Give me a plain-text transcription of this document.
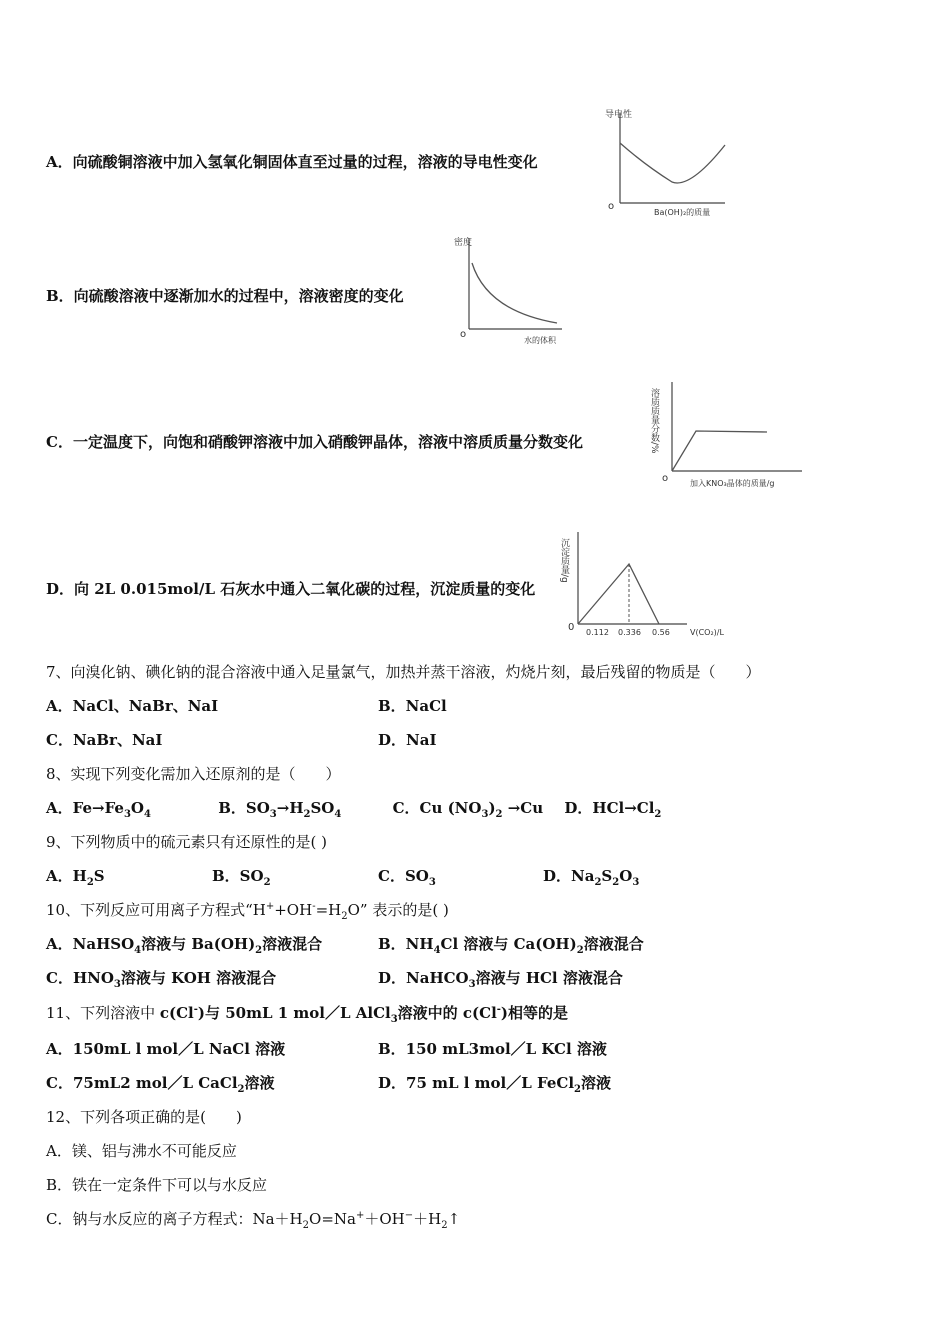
A．向硫酸铜溶液中加入氢氧化铜固体直至过量的过程，溶液的导电性变化
导电性
o
Ba(OH)₂的质量
B．向硫酸溶液中逐渐加水的过程中，溶液密度的变化
密度
o
水的体积
C．一定温度下，向饱和硝酸钾溶液中加入硝酸钾晶体，溶液中溶质质量分数变化	溶质质量分数/%
o	加入KNO₃晶体的质量/g
D．向 2L 0.015mol/L 石灰水中通入二氧化碳的过程，沉淀质量的变化
沉淀质量/g
0 0.112 0.336 0.56	V(CO₂)/L
7、向溴化钠、碘化钠的混合溶液中通入足量氯气，加热并蒸干溶液，灼烧片刻，最后残留的物质是（　　）
A．NaCl、NaBr、NaI	B．NaCl
C．NaBr、NaI	D．NaI
8、实现下列变化需加入还原剂的是（　　）
A．$Fe\to Fe_3O_4$	B．$SO_3\to H_2SO_4$	C．Cu $(NO_3)_2 \to Cu$ D．$HCl\to Cl_2$
9、下列物质中的硫元素只有还原性的是( )
A．$H_2S$	B．$SO_2$	C．$SO_3$	D．$Na_2S_2O_3$
10、下列反应可用离子方程式“$H^++OH^-=H_2O$” 表示的是( )
A．NaHSO$_4$溶液与 $Ba(OH)_2$溶液混合	B．$NH_4Cl$ 溶液与 $Ca(OH)_2$溶液混合
C．$HNO_3$溶液与 KOH 溶液混合	D．NaHCO$_3$溶液与 HCl 溶液混合
11、下列溶液中 c(Cl-)与 50mL 1 mol／L AlCl$_3$溶液中的 c(Cl-)相等的是
A．150mL l mol／L NaCl 溶液	B．150 mL3mol／L KCl 溶液
C．75mL2 mol／L CaCl$_2$溶液	D．75 mL l mol／L FeCl$_2$溶液
12、下列各项正确的是(　　)
A．镁、铝与沸水不可能反应
B．铁在一定条件下可以与水反应
C．钠与水反应的离子方程式：$Na+H_2O=Na^++OH^-+H_2↑$
